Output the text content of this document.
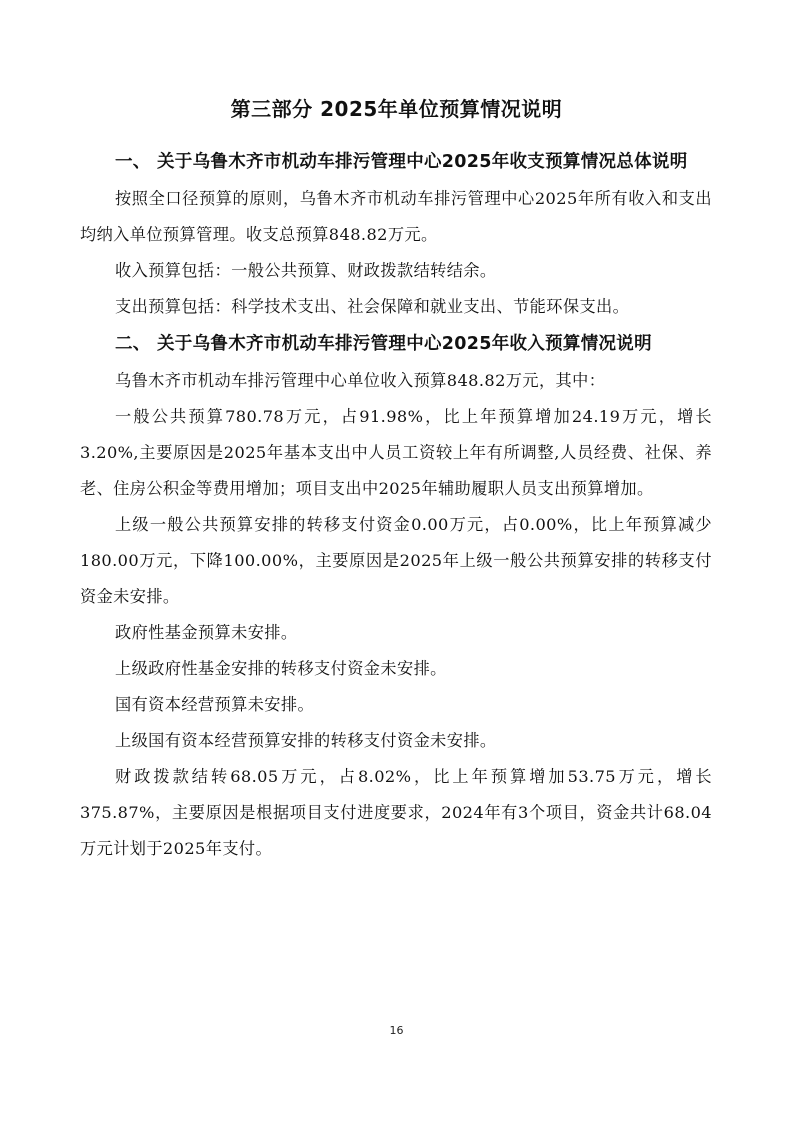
第三部分 2025年单位预算情况说明

一、 关于乌鲁木齐市机动车排污管理中心2025年收支预算情况总体说明

按照全口径预算的原则，乌鲁木齐市机动车排污管理中心2025年所有收入和支出均纳入单位预算管理。收支总预算848.82万元。

收入预算包括：一般公共预算、财政拨款结转结余。

支出预算包括：科学技术支出、社会保障和就业支出、节能环保支出。

二、 关于乌鲁木齐市机动车排污管理中心2025年收入预算情况说明

乌鲁木齐市机动车排污管理中心单位收入预算848.82万元，其中：

一般公共预算780.78万元，占91.98%，比上年预算增加24.19万元，增长3.20%,主要原因是2025年基本支出中人员工资较上年有所调整,人员经费、社保、养老、住房公积金等费用增加；项目支出中2025年辅助履职人员支出预算增加。

上级一般公共预算安排的转移支付资金0.00万元，占0.00%，比上年预算减少180.00万元，下降100.00%，主要原因是2025年上级一般公共预算安排的转移支付资金未安排。

政府性基金预算未安排。

上级政府性基金安排的转移支付资金未安排。

国有资本经营预算未安排。

上级国有资本经营预算安排的转移支付资金未安排。

财政拨款结转68.05万元，占8.02%，比上年预算增加53.75万元，增长375.87%，主要原因是根据项目支付进度要求，2024年有3个项目，资金共计68.04万元计划于2025年支付。

16
